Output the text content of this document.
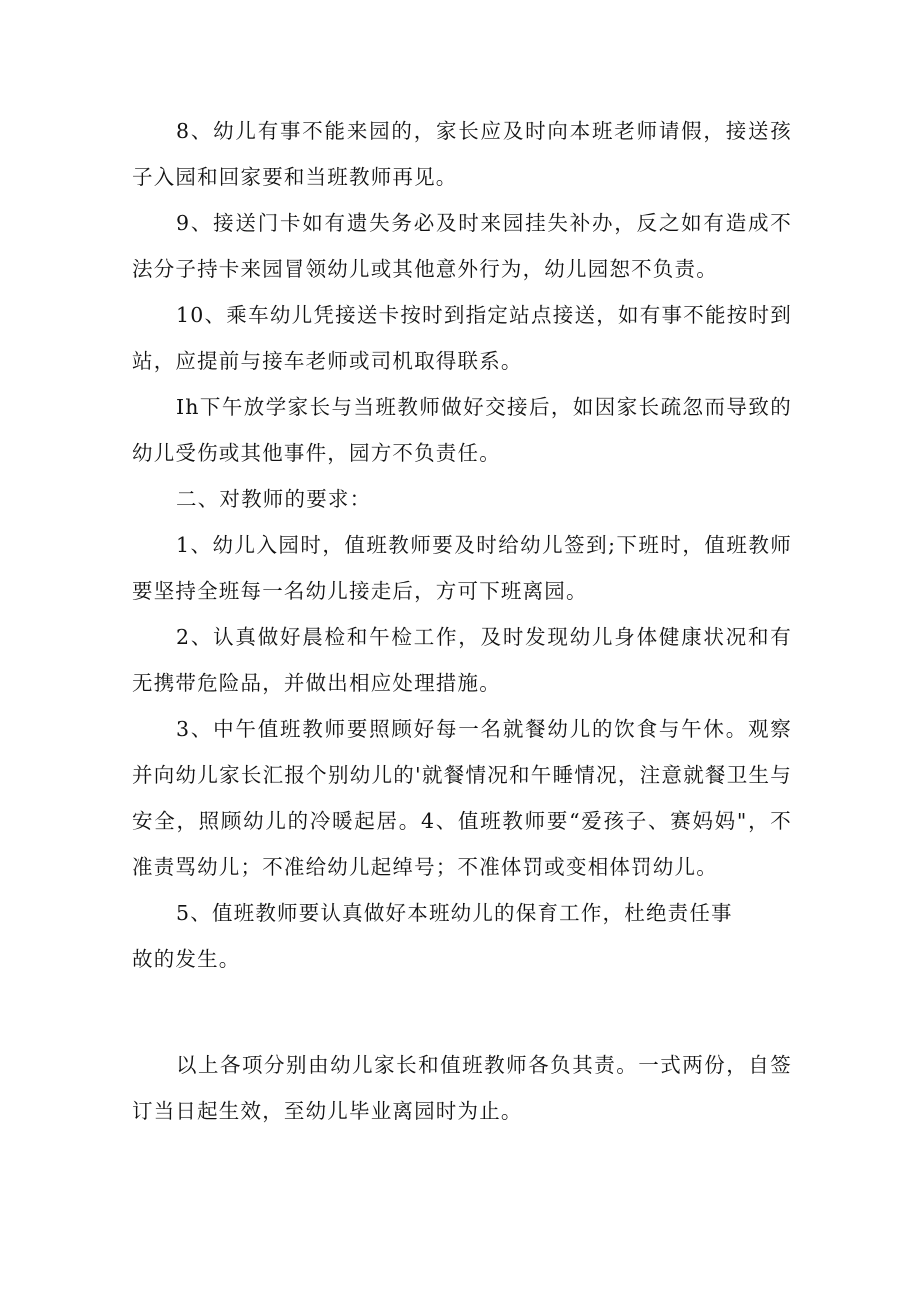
8、幼儿有事不能来园的，家长应及时向本班老师请假，接送孩子入园和回家要和当班教师再见。

9、接送门卡如有遗失务必及时来园挂失补办，反之如有造成不法分子持卡来园冒领幼儿或其他意外行为，幼儿园恕不负责。

10、乘车幼儿凭接送卡按时到指定站点接送，如有事不能按时到站，应提前与接车老师或司机取得联系。

Ih下午放学家长与当班教师做好交接后，如因家长疏忽而导致的幼儿受伤或其他事件，园方不负责任。

二、对教师的要求：

1、幼儿入园时，值班教师要及时给幼儿签到;下班时，值班教师要坚持全班每一名幼儿接走后，方可下班离园。

2、认真做好晨检和午检工作，及时发现幼儿身体健康状况和有无携带危险品，并做出相应处理措施。

3、中午值班教师要照顾好每一名就餐幼儿的饮食与午休。观察并向幼儿家长汇报个别幼儿的'就餐情况和午睡情况，注意就餐卫生与安全，照顾幼儿的冷暖起居。4、值班教师要“爱孩子、赛妈妈"，不准责骂幼儿；不准给幼儿起绰号；不准体罚或变相体罚幼儿。

5、值班教师要认真做好本班幼儿的保育工作，杜绝责任事

故的发生。

以上各项分别由幼儿家长和值班教师各负其责。一式两份，自签订当日起生效，至幼儿毕业离园时为止。
